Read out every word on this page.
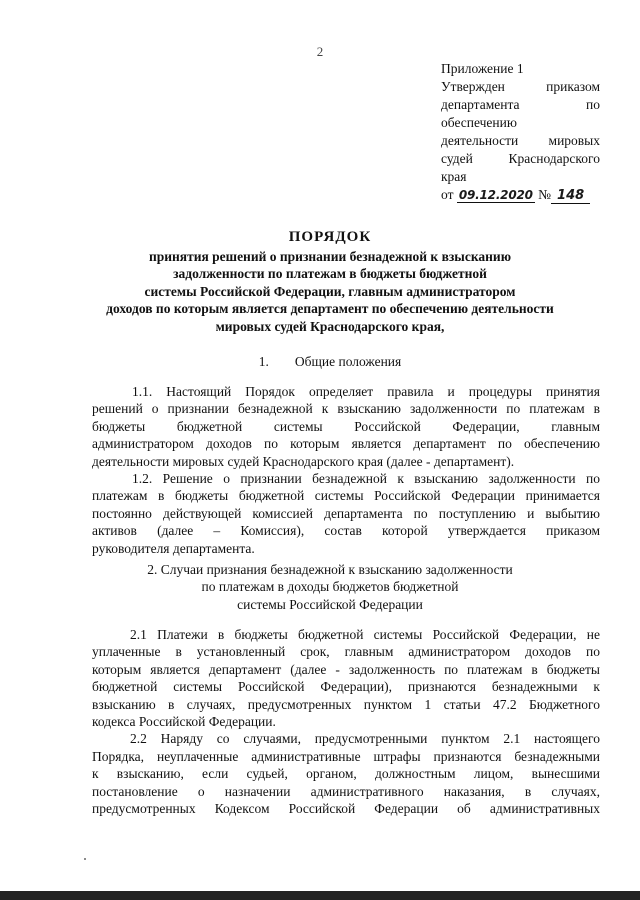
2
Приложение 1
Утвержден приказом
департамента по
обеспечению
деятельности мировых
судей Краснодарского
края
от 09.12.2020 № 148
ПОРЯДОК
принятия решений о признании безнадежной к взысканию
задолженности по платежам в бюджеты бюджетной
системы Российской Федерации, главным администратором
доходов по которым является департамент по обеспечению деятельности
мировых судей Краснодарского края,
1. Общие положения

1.1. Настоящий Порядок определяет правила и процедуры принятия
решений о признании безнадежной к взысканию задолженности по платежам в
бюджеты бюджетной системы Российской Федерации, главным
администратором доходов по которым является департамент по обеспечению
деятельности мировых судей Краснодарского края (далее - департамент).

1.2. Решение о признании безнадежной к взысканию задолженности по
платежам в бюджеты бюджетной системы Российской Федерации принимается
постоянно действующей комиссией департамента по поступлению и выбытию
активов (далее – Комиссия), состав которой утверждается приказом
руководителя департамента.

2. Случаи признания безнадежной к взысканию задолженности
по платежам в доходы бюджетов бюджетной
системы Российской Федерации

2.1 Платежи в бюджеты бюджетной системы Российской Федерации, не
уплаченные в установленный срок, главным администратором доходов по
которым является департамент (далее - задолженность по платежам в бюджеты
бюджетной системы Российской Федерации), признаются безнадежными к
взысканию в случаях, предусмотренных пунктом 1 статьи 47.2 Бюджетного
кодекса Российской Федерации.

2.2 Наряду со случаями, предусмотренными пунктом 2.1 настоящего
Порядка, неуплаченные административные штрафы признаются безнадежными
к взысканию, если судьей, органом, должностным лицом, вынесшими
постановление о назначении административного наказания, в случаях,
предусмотренных Кодексом Российской Федерации об административных
